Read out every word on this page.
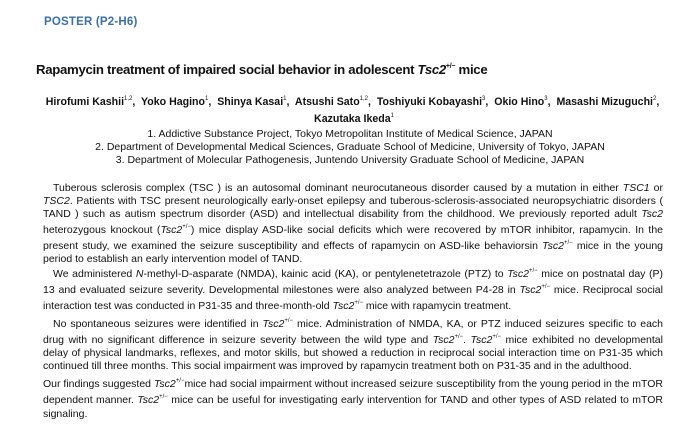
POSTER (P2-H6)
Rapamycin treatment of impaired social behavior in adolescent Tsc2+/− mice
Hirofumi Kashii$^{1,2}$,  Yoko Hagino$^1$,  Shinya Kasai$^1$,  Atsushi Sato$^{1,2}$,  Toshiyuki Kobayashi$^3$,  Okio Hino$^3$,  Masashi Mizuguchi$^2$,  Kazutaka Ikeda$^1$
1. Addictive Substance Project, Tokyo Metropolitan Institute of Medical Science, JAPAN
2. Department of Developmental Medical Sciences, Graduate School of Medicine, University of Tokyo, JAPAN
3. Department of Molecular Pathogenesis, Juntendo University Graduate School of Medicine, JAPAN

Tuberous sclerosis complex (TSC ) is an autosomal dominant neurocutaneous disorder caused by a mutation in either TSC1 or TSC2. Patients with TSC present neurologically early-onset epilepsy and tuberous-sclerosis-associated neuropsychiatric disorders ( TAND ) such as autism spectrum disorder (ASD) and intellectual disability from the childhood. We previously reported adult Tsc2 heterozygous knockout (Tsc2+/−) mice display ASD-like social deficits which were recovered by mTOR inhibitor, rapamycin. In the present study, we examined the seizure susceptibility and effects of rapamycin on ASD-like behaviorsin Tsc2+/− mice in the young period to establish an early intervention model of TAND.

We administered N-methyl-D-asparate (NMDA), kainic acid (KA), or pentylenetetrazole (PTZ) to Tsc2+/− mice on postnatal day (P) 13 and evaluated seizure severity. Developmental milestones were also analyzed between P4-28 in Tsc2+/− mice. Reciprocal social interaction test was conducted in P31-35 and three-month-old Tsc2+/− mice with rapamycin treatment.

No spontaneous seizures were identified in Tsc2+/− mice. Administration of NMDA, KA, or PTZ induced seizures specific to each drug with no significant difference in seizure severity between the wild type and Tsc2+/−. Tsc2+/− mice exhibited no developmental delay of physical landmarks, reflexes, and motor skills, but showed a reduction in reciprocal social interaction time on P31-35 which continued till three months. This social impairment was improved by rapamycin treatment both on P31-35 and in the adulthood.

Our findings suggested Tsc2+/−mice had social impairment without increased seizure susceptibility from the young period in the mTOR dependent manner. Tsc2+/− mice can be useful for investigating early intervention for TAND and other types of ASD related to mTOR signaling.
